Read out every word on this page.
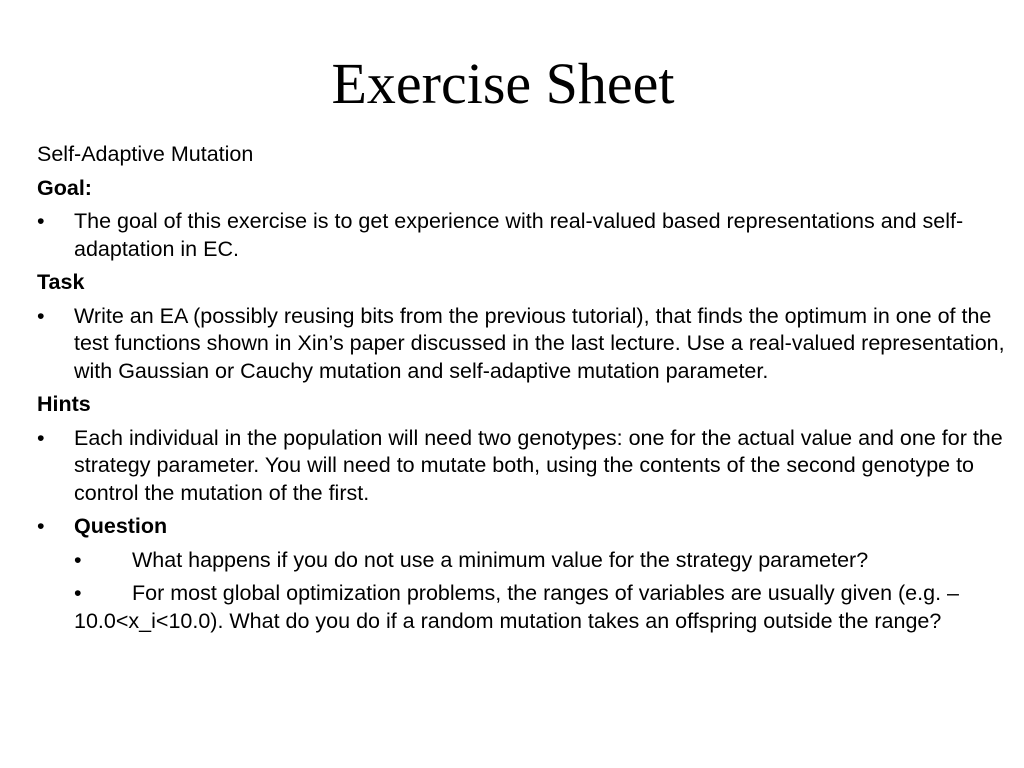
Exercise Sheet
Self-Adaptive Mutation
Goal:
•	The goal of this exercise is to get experience with real-valued based representations and self-adaptation in EC.
Task
•	Write an EA (possibly reusing bits from the previous tutorial), that finds the optimum in one of the test functions shown in Xin’s paper discussed in the last lecture. Use a real-valued representation, with Gaussian or Cauchy mutation and self-adaptive mutation parameter.
Hints
•	Each individual in the population will need two genotypes: one for the actual value and one for the strategy parameter. You will need to mutate both, using the contents of the second genotype to control the mutation of the first.
•	Question
• What happens if you do not use a minimum value for the strategy parameter?
• For most global optimization problems, the ranges of variables are usually given (e.g. –10.0<x_i<10.0). What do you do if a random mutation takes an offspring outside the range?
